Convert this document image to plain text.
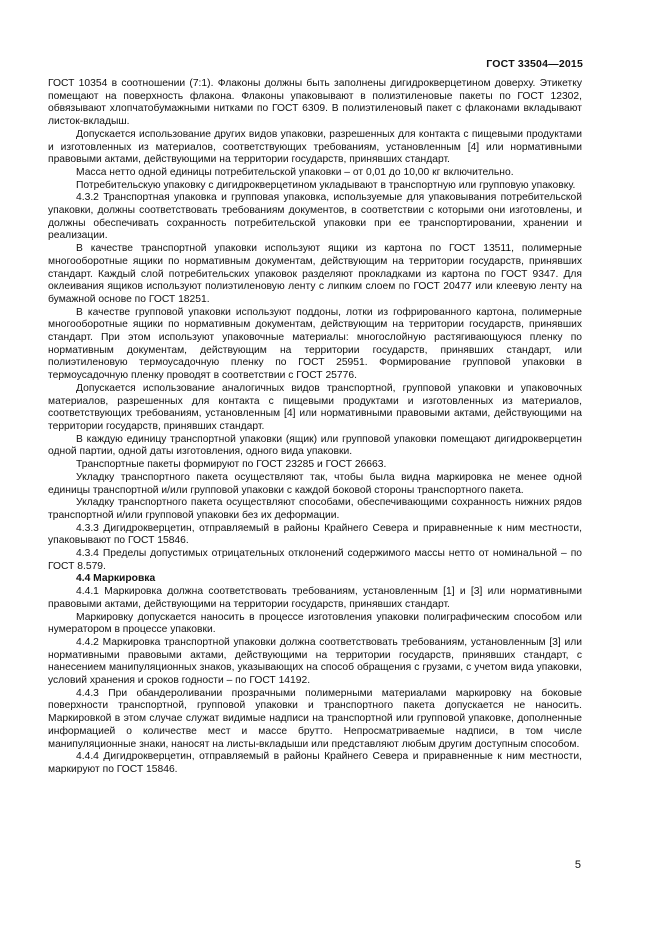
ГОСТ 33504—2015

ГОСТ 10354 в соотношении (7:1). Флаконы должны быть заполнены дигидрокверцетином доверху. Этикетку помещают на поверхность флакона. Флаконы упаковывают в полиэтиленовые пакеты по ГОСТ 12302, обвязывают хлопчатобумажными нитками по ГОСТ 6309. В полиэтиленовый пакет с флаконами вкладывают листок-вкладыш.

Допускается использование других видов упаковки, разрешенных для контакта с пищевыми продуктами и изготовленных из материалов, соответствующих требованиям, установленным [4] или нормативными правовыми актами, действующими на территории государств, принявших стандарт.

Масса нетто одной единицы потребительской упаковки – от 0,01 до 10,00 кг включительно.

Потребительскую упаковку с дигидрокверцетином укладывают в транспортную или групповую упаковку.

4.3.2 Транспортная упаковка и групповая упаковка, используемые для упаковывания потребительской упаковки, должны соответствовать требованиям документов, в соответствии с которыми они изготовлены, и должны обеспечивать сохранность потребительской упаковки при ее транспортировании, хранении и реализации.

В качестве транспортной упаковки используют ящики из картона по ГОСТ 13511, полимерные многооборотные ящики по нормативным документам, действующим на территории государств, принявших стандарт. Каждый слой потребительских упаковок разделяют прокладками из картона по ГОСТ 9347. Для оклеивания ящиков используют полиэтиленовую ленту с липким слоем по ГОСТ 20477 или клеевую ленту на бумажной основе по ГОСТ 18251.

В качестве групповой упаковки используют поддоны, лотки из гофрированного картона, полимерные многооборотные ящики по нормативным документам, действующим на территории государств, принявших стандарт. При этом используют упаковочные материалы: многослойную растягивающуюся пленку по нормативным документам, действующим на территории государств, принявших стандарт, или полиэтиленовую термоусадочную пленку по ГОСТ 25951. Формирование групповой упаковки в термоусадочную пленку проводят в соответствии с ГОСТ 25776.

Допускается использование аналогичных видов транспортной, групповой упаковки и упаковочных материалов, разрешенных для контакта с пищевыми продуктами и изготовленных из материалов, соответствующих требованиям, установленным [4] или нормативными правовыми актами, действующими на территории государств, принявших стандарт.

В каждую единицу транспортной упаковки (ящик) или групповой упаковки помещают дигидрокверцетин одной партии, одной даты изготовления, одного вида упаковки.

Транспортные пакеты формируют по ГОСТ 23285 и ГОСТ 26663.

Укладку транспортного пакета осуществляют так, чтобы была видна маркировка не менее одной единицы транспортной и/или групповой упаковки с каждой боковой стороны транспортного пакета.

Укладку транспортного пакета осуществляют способами, обеспечивающими сохранность нижних рядов транспортной и/или групповой упаковки без их деформации.

4.3.3 Дигидрокверцетин, отправляемый в районы Крайнего Севера и приравненные к ним местности, упаковывают по ГОСТ 15846.

4.3.4 Пределы допустимых отрицательных отклонений содержимого массы нетто от номинальной – по ГОСТ 8.579.

4.4 Маркировка

4.4.1 Маркировка должна соответствовать требованиям, установленным [1] и [3] или нормативными правовыми актами, действующими на территории государств, принявших стандарт.

Маркировку допускается наносить в процессе изготовления упаковки полиграфическим способом или нумератором в процессе упаковки.

4.4.2 Маркировка транспортной упаковки должна соответствовать требованиям, установленным [3] или нормативными правовыми актами, действующими на территории государств, принявших стандарт, с нанесением манипуляционных знаков, указывающих на способ обращения с грузами, с учетом вида упаковки, условий хранения и сроков годности – по ГОСТ 14192.

4.4.3 При обандероливании прозрачными полимерными материалами маркировку на боковые поверхности транспортной, групповой упаковки и транспортного пакета допускается не наносить. Маркировкой в этом случае служат видимые надписи на транспортной или групповой упаковке, дополненные информацией о количестве мест и массе брутто. Непросматриваемые надписи, в том числе манипуляционные знаки, наносят на листы-вкладыши или представляют любым другим доступным способом.

4.4.4 Дигидрокверцетин, отправляемый в районы Крайнего Севера и приравненные к ним местности, маркируют по ГОСТ 15846.

5
